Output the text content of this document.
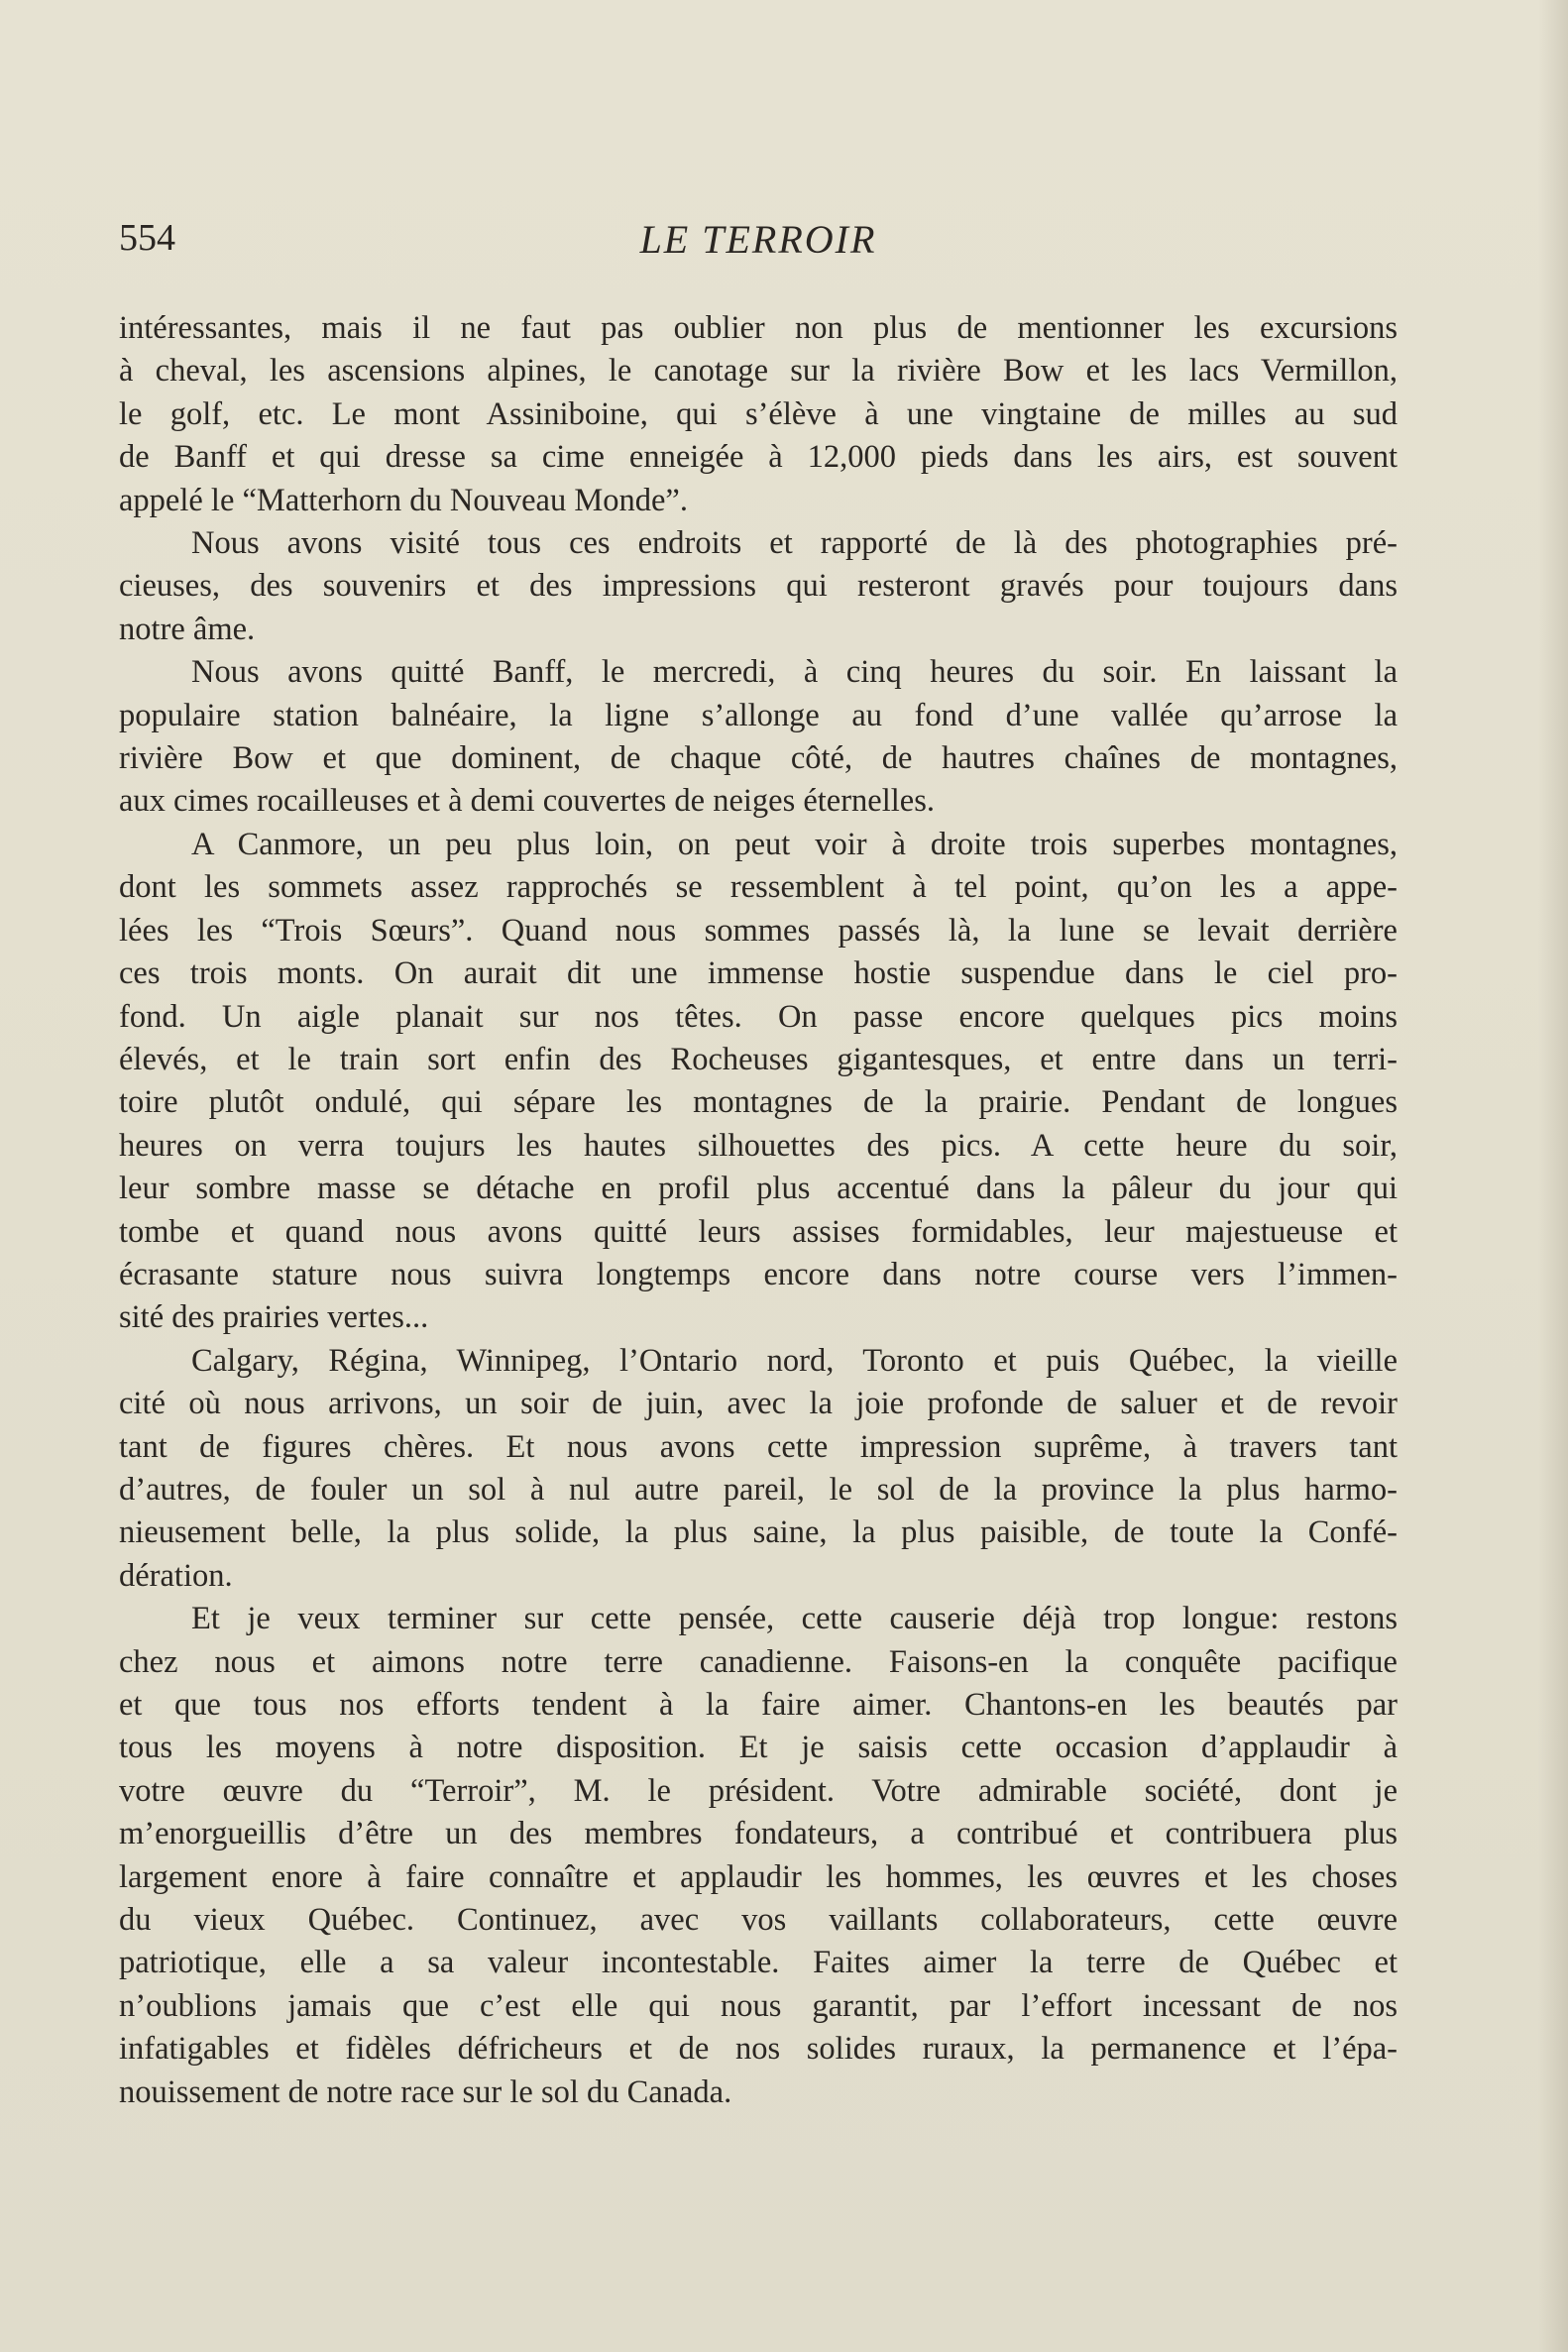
554	LE TERROIR
intéressantes, mais il ne faut pas oublier non plus de mentionner les excursions
à cheval, les ascensions alpines, le canotage sur la rivière Bow et les lacs Vermillon,
le golf, etc. Le mont Assiniboine, qui s’élève à une vingtaine de milles au sud
de Banff et qui dresse sa cime enneigée à 12,000 pieds dans les airs, est souvent
appelé le “Matterhorn du Nouveau Monde”.
Nous avons visité tous ces endroits et rapporté de là des photographies pré-
cieuses, des souvenirs et des impressions qui resteront gravés pour toujours dans
notre âme.
Nous avons quitté Banff, le mercredi, à cinq heures du soir. En laissant la
populaire station balnéaire, la ligne s’allonge au fond d’une vallée qu’arrose la
rivière Bow et que dominent, de chaque côté, de hautres chaînes de montagnes,
aux cimes rocailleuses et à demi couvertes de neiges éternelles.
A Canmore, un peu plus loin, on peut voir à droite trois superbes montagnes,
dont les sommets assez rapprochés se ressemblent à tel point, qu’on les a appe-
lées les “Trois Sœurs”. Quand nous sommes passés là, la lune se levait derrière
ces trois monts. On aurait dit une immense hostie suspendue dans le ciel pro-
fond. Un aigle planait sur nos têtes. On passe encore quelques pics moins
élevés, et le train sort enfin des Rocheuses gigantesques, et entre dans un terri-
toire plutôt ondulé, qui sépare les montagnes de la prairie. Pendant de longues
heures on verra toujurs les hautes silhouettes des pics. A cette heure du soir,
leur sombre masse se détache en profil plus accentué dans la pâleur du jour qui
tombe et quand nous avons quitté leurs assises formidables, leur majestueuse et
écrasante stature nous suivra longtemps encore dans notre course vers l’immen-
sité des prairies vertes...
Calgary, Régina, Winnipeg, l’Ontario nord, Toronto et puis Québec, la vieille
cité où nous arrivons, un soir de juin, avec la joie profonde de saluer et de revoir
tant de figures chères. Et nous avons cette impression suprême, à travers tant
d’autres, de fouler un sol à nul autre pareil, le sol de la province la plus harmo-
nieusement belle, la plus solide, la plus saine, la plus paisible, de toute la Confé-
dération.
Et je veux terminer sur cette pensée, cette causerie déjà trop longue: restons
chez nous et aimons notre terre canadienne. Faisons-en la conquête pacifique
et que tous nos efforts tendent à la faire aimer. Chantons-en les beautés par
tous les moyens à notre disposition. Et je saisis cette occasion d’applaudir à
votre œuvre du “Terroir”, M. le président. Votre admirable société, dont je
m’enorgueillis d’être un des membres fondateurs, a contribué et contribuera plus
largement enore à faire connaître et applaudir les hommes, les œuvres et les choses
du vieux Québec. Continuez, avec vos vaillants collaborateurs, cette œuvre
patriotique, elle a sa valeur incontestable. Faites aimer la terre de Québec et
n’oublions jamais que c’est elle qui nous garantit, par l’effort incessant de nos
infatigables et fidèles défricheurs et de nos solides ruraux, la permanence et l’épa-
nouissement de notre race sur le sol du Canada.
